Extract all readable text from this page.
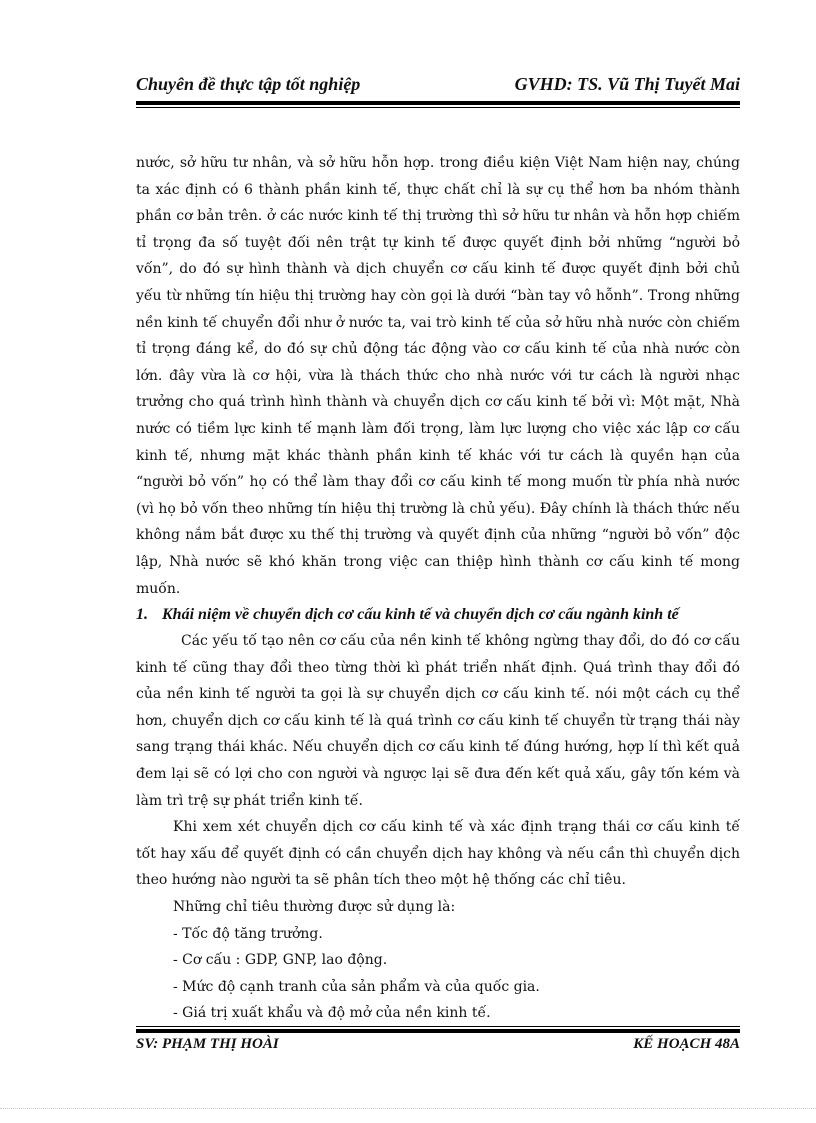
Chuyên đề thực tập tốt nghiệp	GVHD: TS. Vũ Thị Tuyết Mai

nước, sở hữu tư nhân, và sở hữu hỗn hợp. trong điều kiện Việt Nam hiện nay, chúng ta xác định có 6 thành phần kinh tế, thực chất chỉ là sự cụ thể hơn ba nhóm thành phần cơ bản trên. ở các nước kinh tế thị trường thì sở hữu tư nhân và hỗn hợp chiếm tỉ trọng đa số tuyệt đối nên trật tự kinh tế được quyết định bởi những “người bỏ vốn”, do đó sự hình thành và dịch chuyển cơ cấu kinh tế được quyết định bởi chủ yếu từ những tín hiệu thị trường hay còn gọi là dưới “bàn tay vô hỗnh”. Trong những nền kinh tế chuyển đổi như ở nước ta, vai trò kinh tế của sở hữu nhà nước còn chiếm tỉ trọng đáng kể, do đó sự chủ động tác động vào cơ cấu kinh tế của nhà nước còn lớn. đây vừa là cơ hội, vừa là thách thức cho nhà nước với tư cách là người nhạc trưởng cho quá trình hình thành và chuyển dịch cơ cấu kinh tế bởi vì: Một mặt, Nhà nước có tiềm lực kinh tế mạnh làm đối trọng, làm lực lượng cho việc xác lập cơ cấu kinh tế, nhưng mặt khác thành phần kinh tế khác với tư cách là quyền hạn của “người bỏ vốn” họ có thể làm thay đổi cơ cấu kinh tế mong muốn từ phía nhà nước (vì họ bỏ vốn theo những tín hiệu thị trường là chủ yếu). Đây chính là thách thức nếu không nắm bắt được xu thế thị trường và quyết định của những “người bỏ vốn” độc lập, Nhà nước sẽ khó khăn trong việc can thiệp hình thành cơ cấu kinh tế mong muốn.

1. Khái niệm về chuyển dịch cơ cấu kinh tế và chuyển dịch cơ cấu ngành kinh tế

Các yếu tố tạo nên cơ cấu của nền kinh tế không ngừng thay đổi, do đó cơ cấu kinh tế cũng thay đổi theo từng thời kì phát triển nhất định. Quá trình thay đổi đó của nền kinh tế người ta gọi là sự chuyển dịch cơ cấu kinh tế. nói một cách cụ thể hơn, chuyển dịch cơ cấu kinh tế là quá trình cơ cấu kinh tế chuyển từ trạng thái này sang trạng thái khác. Nếu chuyển dịch cơ cấu kinh tế đúng hướng, hợp lí thì kết quả đem lại sẽ có lợi cho con người và ngược lại sẽ đưa đến kết quả xấu, gây tốn kém và làm trì trệ sự phát triển kinh tế.

Khi xem xét chuyển dịch cơ cấu kinh tế và xác định trạng thái cơ cấu kinh tế tốt hay xấu để quyết định có cần chuyển dịch hay không và nếu cần thì chuyển dịch theo hướng nào người ta sẽ phân tích theo một hệ thống các chỉ tiêu.

Những chỉ tiêu thường được sử dụng là:

- Tốc độ tăng trưởng.

- Cơ cấu : GDP, GNP, lao động.

- Mức độ cạnh tranh của sản phẩm và của quốc gia.

- Giá trị xuất khẩu và độ mở của nền kinh tế.

SV: PHẠM THỊ HOÀI	KẾ HOẠCH 48A
